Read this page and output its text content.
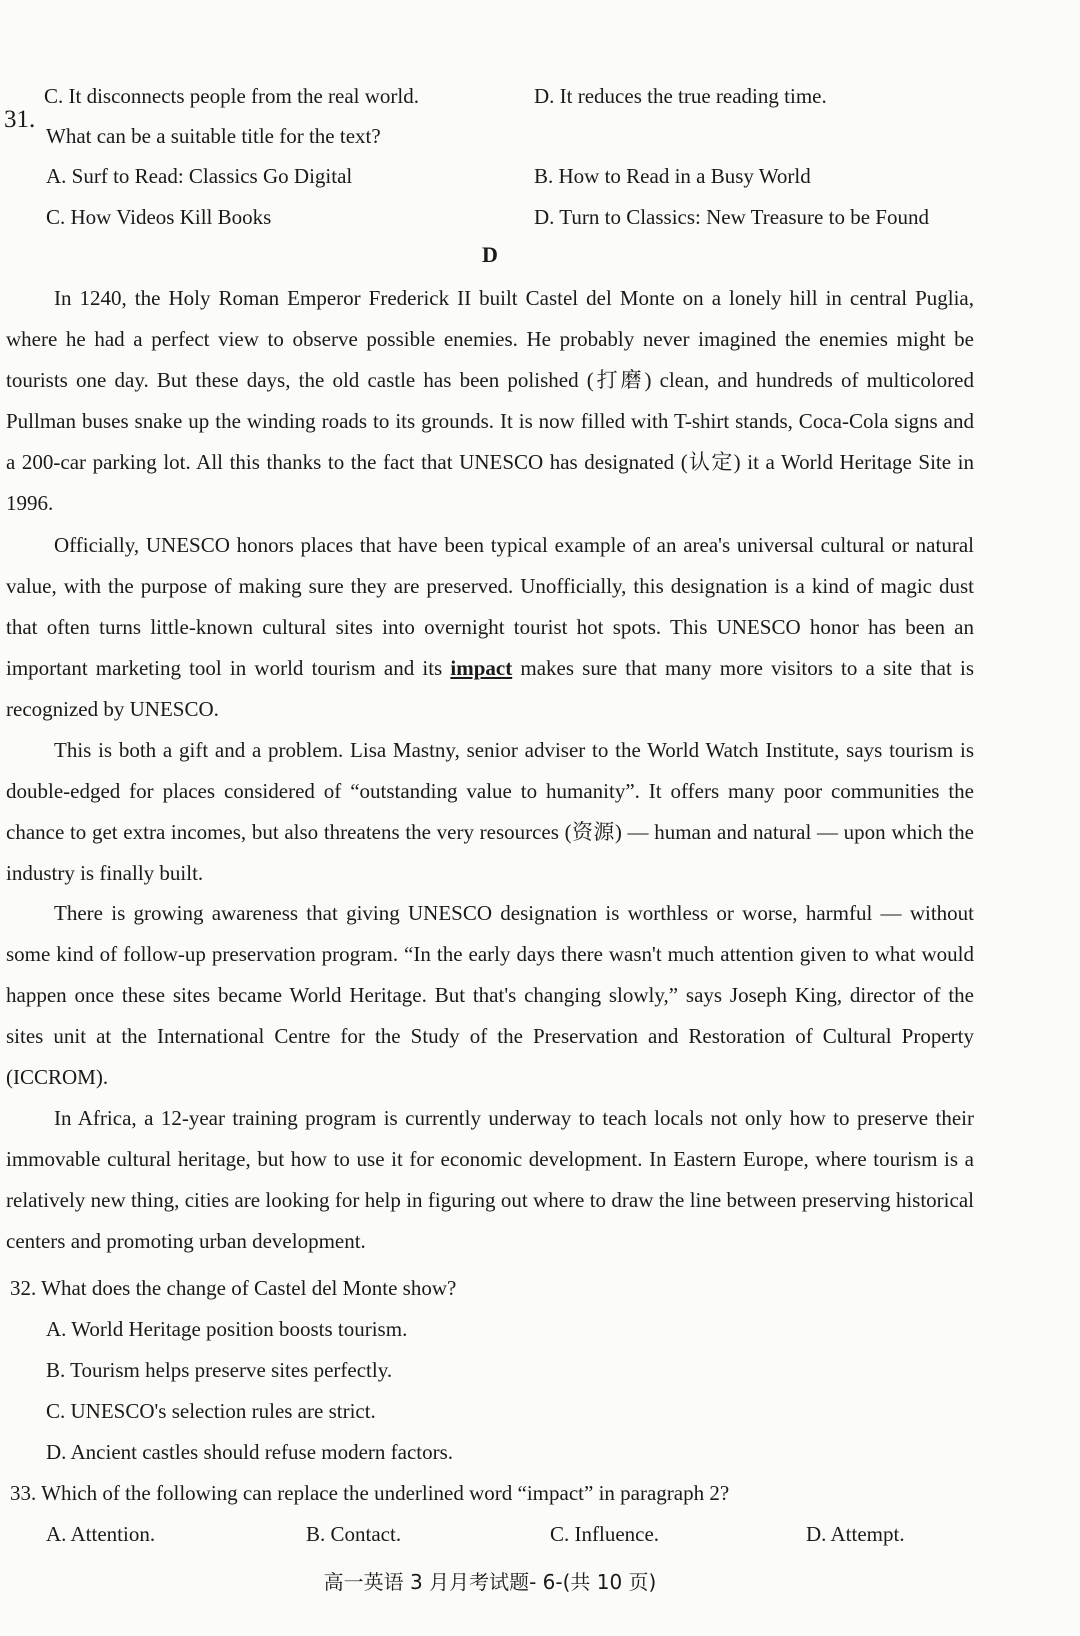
C. It disconnects people from the real world.	D. It reduces the true reading time.
31.
What can be a suitable title for the text?
A. Surf to Read: Classics Go Digital	B. How to Read in a Busy World
C. How Videos Kill Books	D. Turn to Classics: New Treasure to be Found
D
In 1240, the Holy Roman Emperor Frederick II built Castel del Monte on a lonely hill in central Puglia, where he had a perfect view to observe possible enemies. He probably never imagined the enemies might be tourists one day. But these days, the old castle has been polished (打磨) clean, and hundreds of multicolored Pullman buses snake up the winding roads to its grounds. It is now filled with T-shirt stands, Coca-Cola signs and a 200-car parking lot. All this thanks to the fact that UNESCO has designated (认定) it a World Heritage Site in 1996.
Officially, UNESCO honors places that have been typical example of an area's universal cultural or natural value, with the purpose of making sure they are preserved. Unofficially, this designation is a kind of magic dust that often turns little-known cultural sites into overnight tourist hot spots. This UNESCO honor has been an important marketing tool in world tourism and its impact makes sure that many more visitors to a site that is recognized by UNESCO.
This is both a gift and a problem. Lisa Mastny, senior adviser to the World Watch Institute, says tourism is double-edged for places considered of “outstanding value to humanity”. It offers many poor communities the chance to get extra incomes, but also threatens the very resources (资源) — human and natural — upon which the industry is finally built.
There is growing awareness that giving UNESCO designation is worthless or worse, harmful — without some kind of follow-up preservation program. “In the early days there wasn't much attention given to what would happen once these sites became World Heritage. But that's changing slowly,” says Joseph King, director of the sites unit at the International Centre for the Study of the Preservation and Restoration of Cultural Property (ICCROM).
In Africa, a 12-year training program is currently underway to teach locals not only how to preserve their immovable cultural heritage, but how to use it for economic development. In Eastern Europe, where tourism is a relatively new thing, cities are looking for help in figuring out where to draw the line between preserving historical centers and promoting urban development.
32. What does the change of Castel del Monte show?
A. World Heritage position boosts tourism.
B. Tourism helps preserve sites perfectly.
C. UNESCO's selection rules are strict.
D. Ancient castles should refuse modern factors.
33. Which of the following can replace the underlined word “impact” in paragraph 2?
A. Attention.	B. Contact.	C. Influence.	D. Attempt.
高一英语 3 月月考试题- 6-(共 10 页)
